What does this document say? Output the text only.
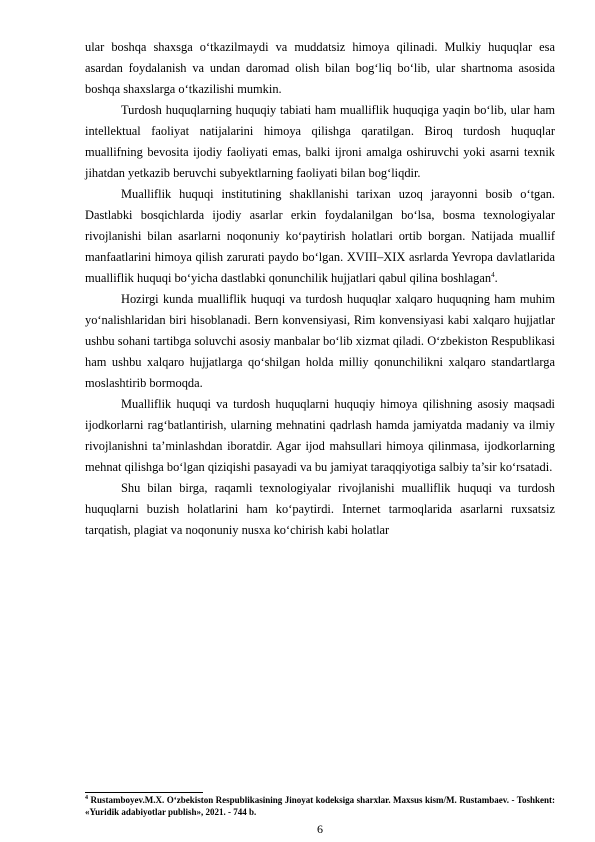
ular boshqa shaxsga o‘tkazilmaydi va muddatsiz himoya qilinadi. Mulkiy huquqlar esa asardan foydalanish va undan daromad olish bilan bog‘liq bo‘lib, ular shartnoma asosida boshqa shaxslarga o‘tkazilishi mumkin.

Turdosh huquqlarning huquqiy tabiati ham mualliflik huquqiga yaqin bo‘lib, ular ham intellektual faoliyat natijalarini himoya qilishga qaratilgan. Biroq turdosh huquqlar muallifning bevosita ijodiy faoliyati emas, balki ijroni amalga oshiruvchi yoki asarni texnik jihatdan yetkazib beruvchi subyektlarning faoliyati bilan bog‘liqdir.

Mualliflik huquqi institutining shakllanishi tarixan uzoq jarayonni bosib o‘tgan. Dastlabki bosqichlarda ijodiy asarlar erkin foydalanilgan bo‘lsa, bosma texnologiyalar rivojlanishi bilan asarlarni noqonuniy ko‘paytirish holatlari ortib borgan. Natijada muallif manfaatlarini himoya qilish zarurati paydo bo‘lgan. XVIII–XIX asrlarda Yevropa davlatlarida mualliflik huquqi bo‘yicha dastlabki qonunchilik hujjatlari qabul qilina boshlagan$^4$.

Hozirgi kunda mualliflik huquqi va turdosh huquqlar xalqaro huquqning ham muhim yo‘nalishlaridan biri hisoblanadi. Bern konvensiyasi, Rim konvensiyasi kabi xalqaro hujjatlar ushbu sohani tartibga soluvchi asosiy manbalar bo‘lib xizmat qiladi. O‘zbekiston Respublikasi ham ushbu xalqaro hujjatlarga qo‘shilgan holda milliy qonunchilikni xalqaro standartlarga moslashtirib bormoqda.

Mualliflik huquqi va turdosh huquqlarni huquqiy himoya qilishning asosiy maqsadi ijodkorlarni rag‘batlantirish, ularning mehnatini qadrlash hamda jamiyatda madaniy va ilmiy rivojlanishni ta’minlashdan iboratdir. Agar ijod mahsullari himoya qilinmasa, ijodkorlarning mehnat qilishga bo‘lgan qiziqishi pasayadi va bu jamiyat taraqqiyotiga salbiy ta’sir ko‘rsatadi.

Shu bilan birga, raqamli texnologiyalar rivojlanishi mualliflik huquqi va turdosh huquqlarni buzish holatlarini ham ko‘paytirdi. Internet tarmoqlarida asarlarni ruxsatsiz tarqatish, plagiat va noqonuniy nusxa ko‘chirish kabi holatlar

$^4$ Rustamboyev.M.X. O‘zbekiston Respublikasining Jinoyat kodeksiga sharxlar. Maxsus kism/M. Rustambaev. - Toshkent: «Yuridik adabiyotlar publish», 2021. - 744 b.

6
